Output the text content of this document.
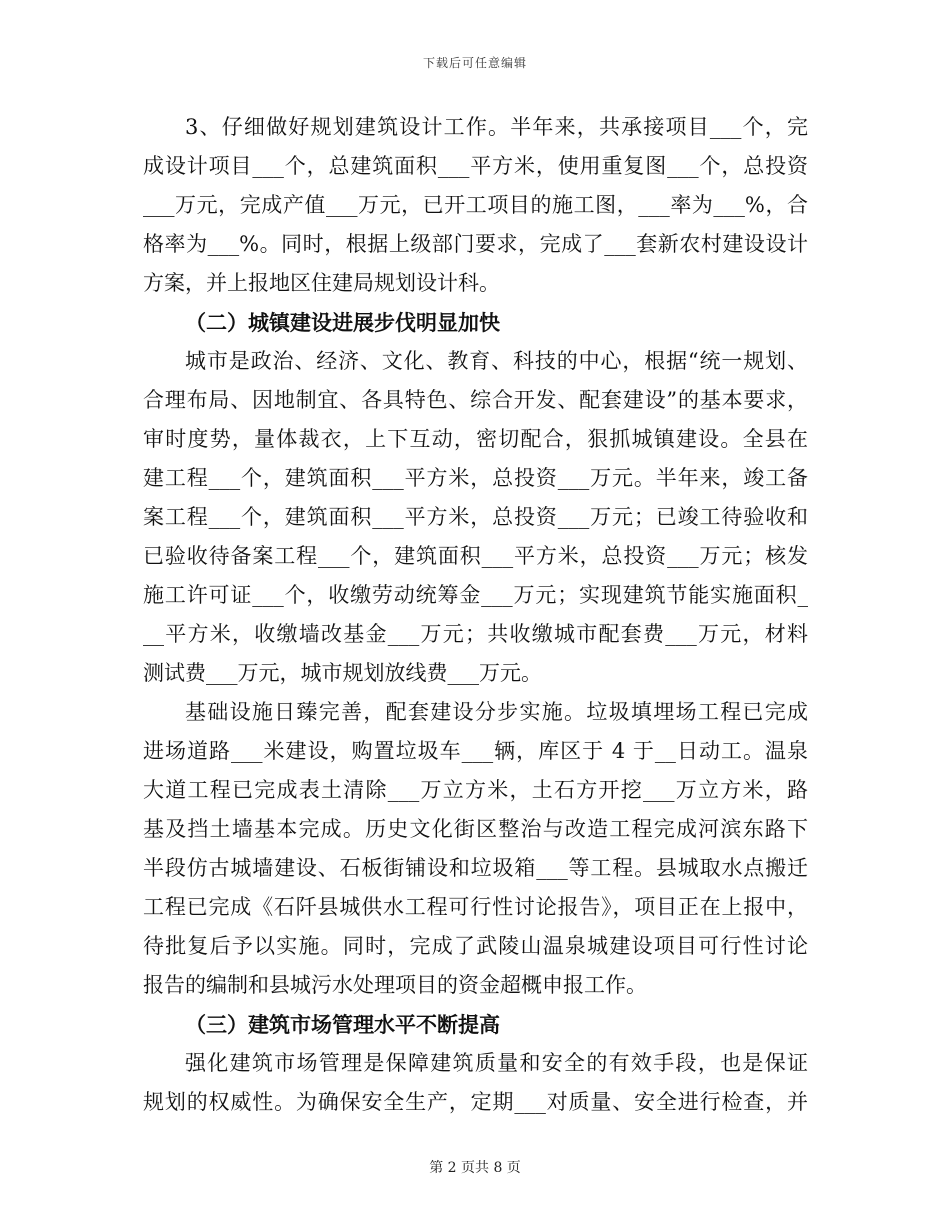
下载后可任意编辑
3、仔细做好规划建筑设计工作。半年来，共承接项目___个，完
成设计项目___个，总建筑面积___平方米，使用重复图___个，总投资
___万元，完成产值___万元，已开工项目的施工图，___率为___%，合
格率为___%。同时，根据上级部门要求，完成了___套新农村建设设计
方案，并上报地区住建局规划设计科。
（二）城镇建设进展步伐明显加快
城市是政治、经济、文化、教育、科技的中心，根据“统一规划、
合理布局、因地制宜、各具特色、综合开发、配套建设”的基本要求，
审时度势，量体裁衣，上下互动，密切配合，狠抓城镇建设。全县在
建工程___个，建筑面积___平方米，总投资___万元。半年来，竣工备
案工程___个，建筑面积___平方米，总投资___万元；已竣工待验收和
已验收待备案工程___个，建筑面积___平方米，总投资___万元；核发
施工许可证___个，收缴劳动统筹金___万元；实现建筑节能实施面积_
__平方米，收缴墙改基金___万元；共收缴城市配套费___万元，材料
测试费___万元，城市规划放线费___万元。
基础设施日臻完善，配套建设分步实施。垃圾填埋场工程已完成
进场道路___米建设，购置垃圾车___辆，库区于 4 于__日动工。温泉
大道工程已完成表土清除___万立方米，土石方开挖___万立方米，路
基及挡土墙基本完成。历史文化街区整治与改造工程完成河滨东路下
半段仿古城墙建设、石板街铺设和垃圾箱___等工程。县城取水点搬迁
工程已完成《石阡县城供水工程可行性讨论报告》，项目正在上报中，
待批复后予以实施。同时，完成了武陵山温泉城建设项目可行性讨论
报告的编制和县城污水处理项目的资金超概申报工作。
（三）建筑市场管理水平不断提高
强化建筑市场管理是保障建筑质量和安全的有效手段，也是保证
规划的权威性。为确保安全生产，定期___对质量、安全进行检查，并
第 2 页共 8 页
